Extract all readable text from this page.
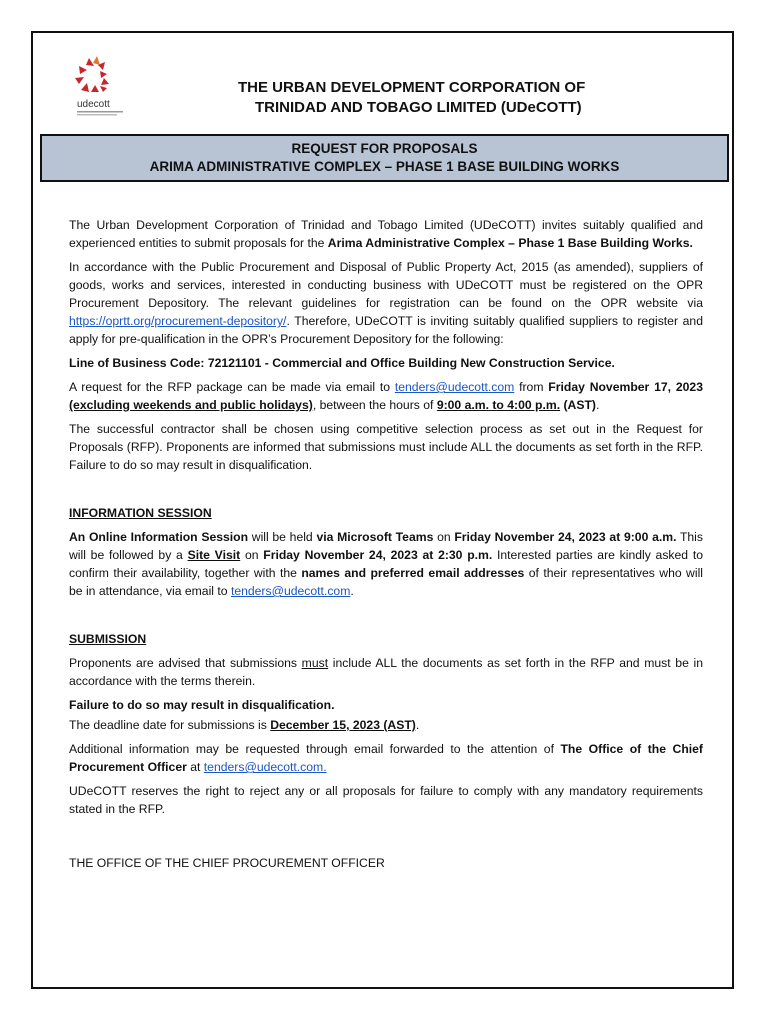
udecott
THE URBAN DEVELOPMENT CORPORATION OF
TRINIDAD AND TOBAGO LIMITED (UDeCOTT)
REQUEST FOR PROPOSALS
ARIMA ADMINISTRATIVE COMPLEX – PHASE 1 BASE BUILDING WORKS

The Urban Development Corporation of Trinidad and Tobago Limited (UDeCOTT) invites suitably qualified and experienced entities to submit proposals for the Arima Administrative Complex – Phase 1 Base Building Works.

In accordance with the Public Procurement and Disposal of Public Property Act, 2015 (as amended), suppliers of goods, works and services, interested in conducting business with UDeCOTT must be registered on the OPR Procurement Depository. The relevant guidelines for registration can be found on the OPR website via https://oprtt.org/procurement-depository/. Therefore, UDeCOTT is inviting suitably qualified suppliers to register and apply for pre-qualification in the OPR’s Procurement Depository for the following:

Line of Business Code: 72121101 - Commercial and Office Building New Construction Service.

A request for the RFP package can be made via email to tenders@udecott.com from Friday November 17, 2023 (excluding weekends and public holidays), between the hours of 9:00 a.m. to 4:00 p.m. (AST).

The successful contractor shall be chosen using competitive selection process as set out in the Request for Proposals (RFP). Proponents are informed that submissions must include ALL the documents as set forth in the RFP. Failure to do so may result in disqualification.

INFORMATION SESSION

An Online Information Session will be held via Microsoft Teams on Friday November 24, 2023 at 9:00 a.m. This will be followed by a Site Visit on Friday November 24, 2023 at 2:30 p.m. Interested parties are kindly asked to confirm their availability, together with the names and preferred email addresses of their representatives who will be in attendance, via email to tenders@udecott.com.

SUBMISSION

Proponents are advised that submissions must include ALL the documents as set forth in the RFP and must be in accordance with the terms therein.

Failure to do so may result in disqualification.

The deadline date for submissions is December 15, 2023 (AST).

Additional information may be requested through email forwarded to the attention of The Office of the Chief Procurement Officer at tenders@udecott.com.

UDeCOTT reserves the right to reject any or all proposals for failure to comply with any mandatory requirements stated in the RFP.

THE OFFICE OF THE CHIEF PROCUREMENT OFFICER
